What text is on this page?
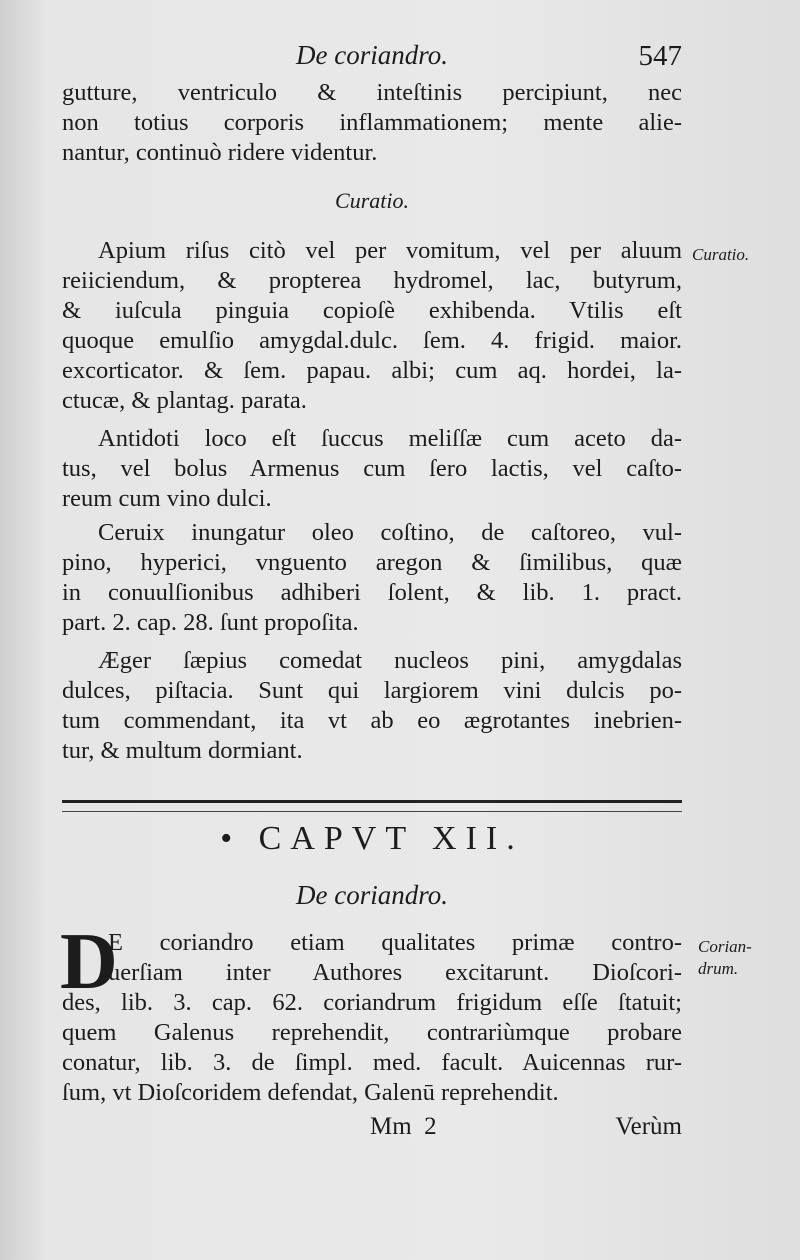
De coriandro.	547
gutture, ventriculo & inteſtinis percipiunt, nec
non totius corporis inflammationem; mente alie-
nantur, continuò ridere videntur.
Curatio.
Apium riſus citò vel per vomitum, vel per aluum
reiiciendum, & propterea hydromel, lac, butyrum,
& iuſcula pinguia copioſè exhibenda. Vtilis eſt
quoque emulſio amygdal.dulc. ſem. 4. frigid. maior.
excorticator. & ſem. papau. albi; cum aq. hordei, la-
ctucæ, & plantag. parata.
Curatio.
Antidoti loco eſt ſuccus meliſſæ cum aceto da-
tus, vel bolus Armenus cum ſero lactis, vel caſto-
reum cum vino dulci.
Ceruix inungatur oleo coſtino, de caſtoreo, vul-
pino, hyperici, vnguento aregon & ſimilibus, quæ
in conuulſionibus adhiberi ſolent, & lib. 1. pract.
part. 2. cap. 28. ſunt propoſita.
Æger ſæpius comedat nucleos pini, amygdalas
dulces, piſtacia. Sunt qui largiorem vini dulcis po-
tum commendant, ita vt ab eo ægrotantes inebrien-
tur, & multum dormiant.
• CAPVT XII.
De coriandro.
D
E coriandro etiam qualitates primæ contro-
uerſiam inter Authores excitarunt. Dioſcori-
des, lib. 3. cap. 62. coriandrum frigidum eſſe ſtatuit;
quem Galenus reprehendit, contrariùmque probare
conatur, lib. 3. de ſimpl. med. facult. Auicennas rur-
ſum, vt Dioſcoridem defendat, Galenū reprehendit.
Corian-
drum.
Mm  2	Verùm
